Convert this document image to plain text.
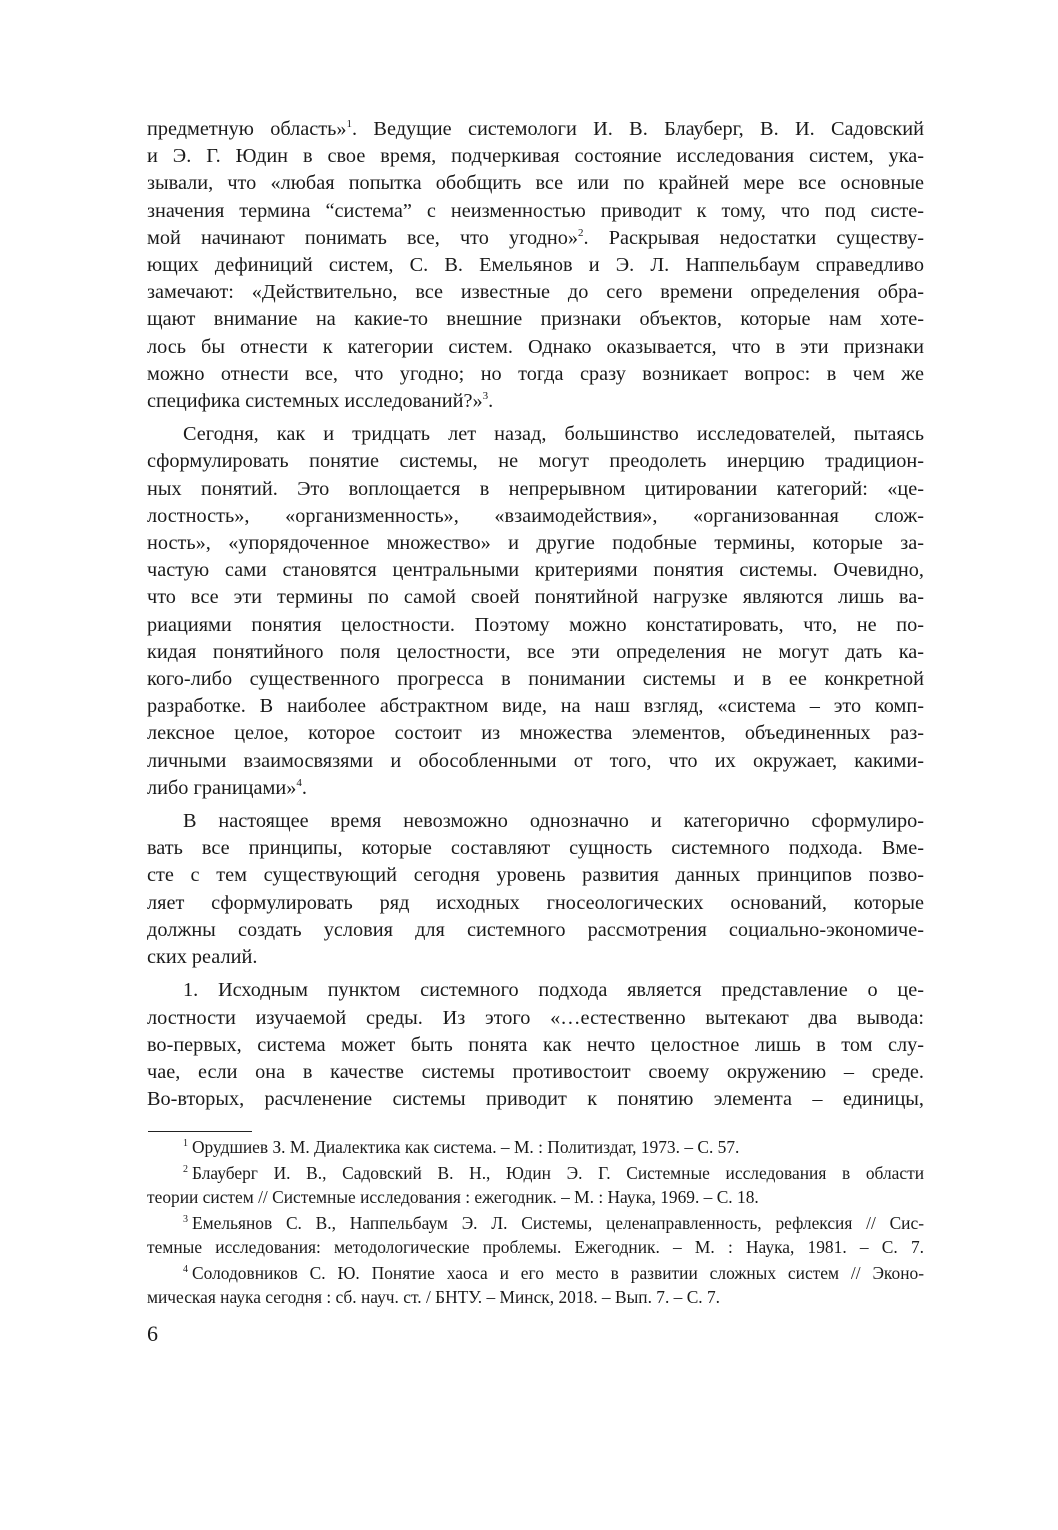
предметную область»$^1$. Ведущие системологи И. В. Блауберг, В. И. Садовский
и Э. Г. Юдин в свое время, подчеркивая состояние исследования систем, ука-
зывали, что «любая попытка обобщить все или по крайней мере все основные
значения термина “система” с неизменностью приводит к тому, что под систе-
мой начинают понимать все, что угодно»$^2$. Раскрывая недостатки существу-
ющих дефиниций систем, С. В. Емельянов и Э. Л. Наппельбаум справедливо
замечают: «Действительно, все известные до сего времени определения обра-
щают внимание на какие-то внешние признаки объектов, которые нам хоте-
лось бы отнести к категории систем. Однако оказывается, что в эти признаки
можно отнести все, что угодно; но тогда сразу возникает вопрос: в чем же
специфика системных исследований?»$^3$.
Сегодня, как и тридцать лет назад, большинство исследователей, пытаясь
сформулировать понятие системы, не могут преодолеть инерцию традицион-
ных понятий. Это воплощается в непрерывном цитировании категорий: «це-
лостность», «организменность», «взаимодействия», «организованная слож-
ность», «упорядоченное множество» и другие подобные термины, которые за-
частую сами становятся центральными критериями понятия системы. Очевидно,
что все эти термины по самой своей понятийной нагрузке являются лишь ва-
риациями понятия целостности. Поэтому можно констатировать, что, не по-
кидая понятийного поля целостности, все эти определения не могут дать ка-
кого-либо существенного прогресса в понимании системы и в ее конкретной
разработке. В наиболее абстрактном виде, на наш взгляд, «система – это комп-
лексное целое, которое состоит из множества элементов, объединенных раз-
личными взаимосвязями и обособленными от того, что их окружает, какими-
либо границами»$^4$.
В настоящее время невозможно однозначно и категорично сформулиро-
вать все принципы, которые составляют сущность системного подхода. Вме-
сте с тем существующий сегодня уровень развития данных принципов позво-
ляет сформулировать ряд исходных гносеологических оснований, которые
должны создать условия для системного рассмотрения социально-экономиче-
ских реалий.
1. Исходным пунктом системного подхода является представление о це-
лостности изучаемой среды. Из этого «…естественно вытекают два вывода:
во-первых, система может быть понята как нечто целостное лишь в том слу-
чае, если она в качестве системы противостоит своему окружению – среде.
Во-вторых, расчленение системы приводит к понятию элемента – единицы,
$^1$ Орудшиев З. М. Диалектика как система. – М. : Политиздат, 1973. – С. 57.
$^2$ Блауберг И. В., Садовский В. Н., Юдин Э. Г. Системные исследования в области
теории систем // Системные исследования : ежегодник. – М. : Наука, 1969. – С. 18.
$^3$ Емельянов С. В., Наппельбаум Э. Л. Системы, целенаправленность, рефлексия // Сис-
темные исследования: методологические проблемы. Ежегодник. – М. : Наука, 1981. – С. 7.
$^4$ Солодовников С. Ю. Понятие хаоса и его место в развитии сложных систем // Эконо-
мическая наука сегодня : сб. науч. ст. / БНТУ. – Минск, 2018. – Вып. 7. – С. 7.
6
